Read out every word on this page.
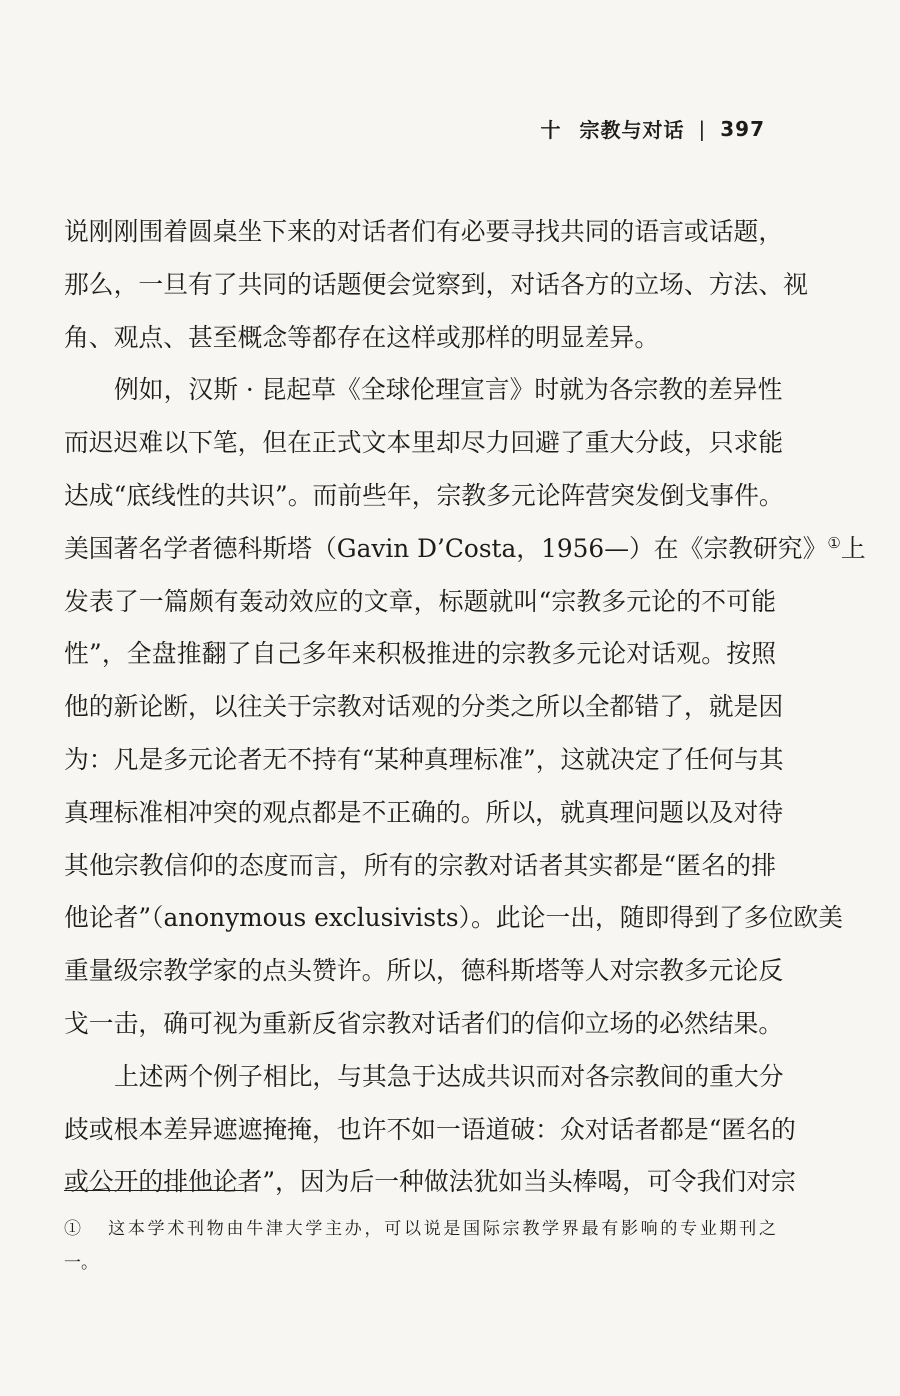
十 宗教与对话 | 397
说刚刚围着圆桌坐下来的对话者们有必要寻找共同的语言或话题，
那么，一旦有了共同的话题便会觉察到，对话各方的立场、方法、视
角、观点、甚至概念等都存在这样或那样的明显差异。
例如，汉斯 · 昆起草《全球伦理宣言》时就为各宗教的差异性
而迟迟难以下笔，但在正式文本里却尽力回避了重大分歧，只求能
达成“底线性的共识”。而前些年，宗教多元论阵营突发倒戈事件。
美国著名学者德科斯塔（Gavin D’Costa，1956—）在《宗教研究》①上
发表了一篇颇有轰动效应的文章，标题就叫“宗教多元论的不可能
性”，全盘推翻了自己多年来积极推进的宗教多元论对话观。按照
他的新论断，以往关于宗教对话观的分类之所以全都错了，就是因
为：凡是多元论者无不持有“某种真理标准”，这就决定了任何与其
真理标准相冲突的观点都是不正确的。所以，就真理问题以及对待
其他宗教信仰的态度而言，所有的宗教对话者其实都是“匿名的排
他论者”（anonymous exclusivists）。此论一出，随即得到了多位欧美
重量级宗教学家的点头赞许。所以，德科斯塔等人对宗教多元论反
戈一击，确可视为重新反省宗教对话者们的信仰立场的必然结果。
上述两个例子相比，与其急于达成共识而对各宗教间的重大分
歧或根本差异遮遮掩掩，也许不如一语道破：众对话者都是“匿名的
或公开的排他论者”，因为后一种做法犹如当头棒喝，可令我们对宗
① 这本学术刊物由牛津大学主办，可以说是国际宗教学界最有影响的专业期刊之
一。
